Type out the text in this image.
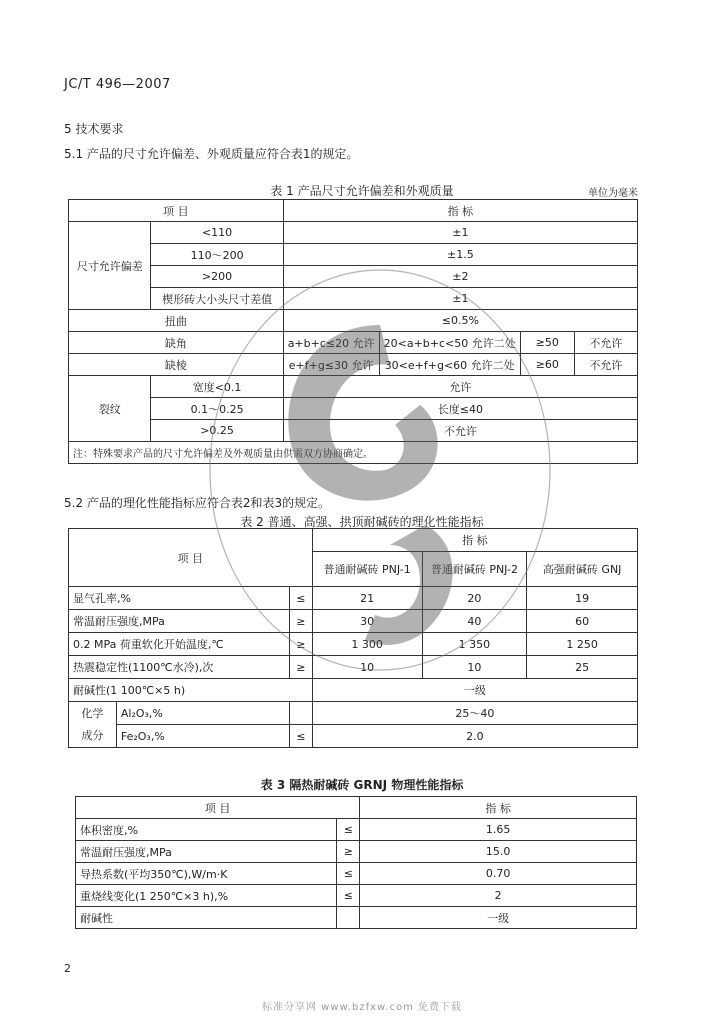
JC/T 496—2007
5 技术要求
5.1 产品的尺寸允许偏差、外观质量应符合表1的规定。
表 1 产品尺寸允许偏差和外观质量	单位为毫米
项 目		指 标			
尺寸允许偏差	<110	±1			
	110～200	±1.5			
	>200	±2			
	楔形砖大小头尺寸差值	±1			
扭曲		≤0.5%			
缺角		a+b+c≤20 允许	20<a+b+c<50 允许二处	≥50	不允许
缺棱		e+f+g≤30 允许	30<e+f+g<60 允许二处	≥60	不允许
裂纹	宽度<0.1	允许			
	0.1～0.25	长度≤40			
	>0.25	不允许			
注：特殊要求产品的尺寸允许偏差及外观质量由供需双方协商确定。					
5.2 产品的理化性能指标应符合表2和表3的规定。
表 2 普通、高强、拱顶耐碱砖的理化性能指标
项 目			指 标		
			普通耐碱砖 PNJ-1	普通耐碱砖 PNJ-2	高强耐碱砖 GNJ
显气孔率,%		≤	21	20	19
常温耐压强度,MPa		≥	30	40	60
0.2 MPa 荷重软化开始温度,℃		≥	1 300	1 350	1 250
热震稳定性(1100℃水冷),次		≥	10	10	25
耐碱性(1 100℃×5 h)			一级		

化学
成分	Al₂O₃,%		25～40		
	Fe₂O₃,%	≤	2.0		
表 3 隔热耐碱砖 GRNJ 物理性能指标
项 目		指 标
体积密度,%	≤	1.65
常温耐压强度,MPa	≥	15.0
导热系数(平均350℃),W/m·K	≤	0.70
重烧线变化(1 250℃×3 h),%	≤	2
耐碱性		一级
2
标准分享网 www.bzfxw.com 免费下载
